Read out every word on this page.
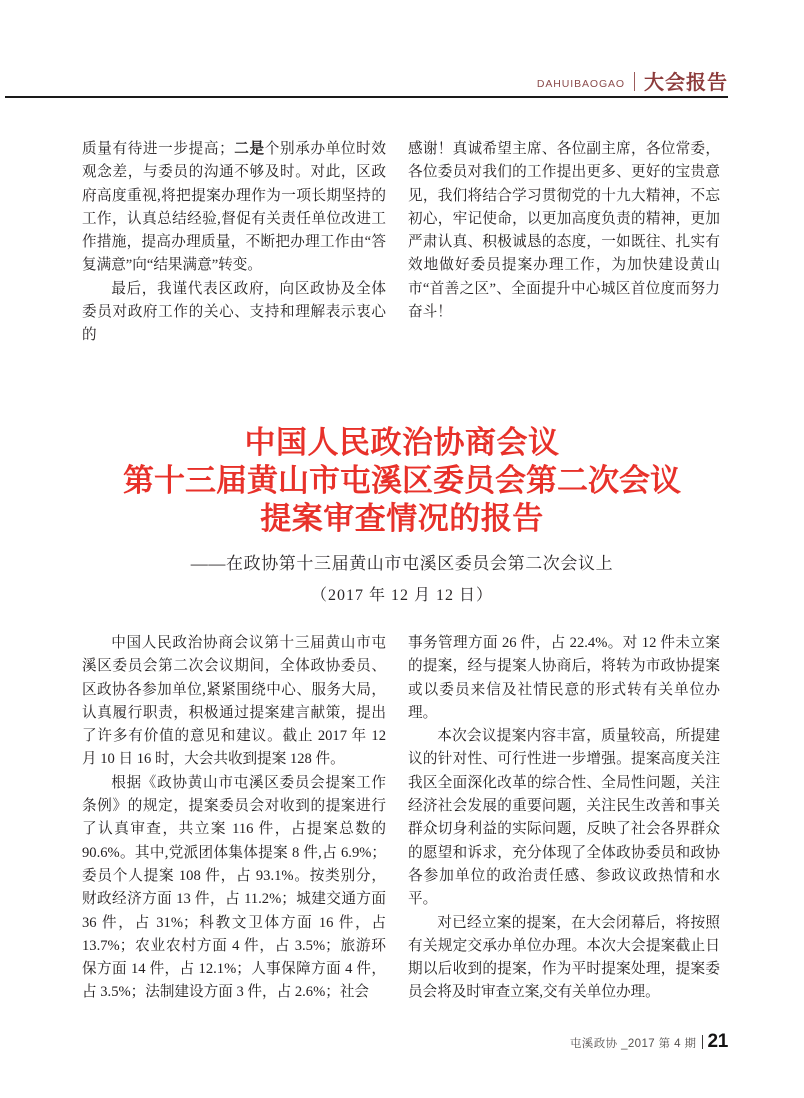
DAHUIBAOGAO 大会报告

质量有待进一步提高；二是个别承办单位时效观念差，与委员的沟通不够及时。对此，区政府高度重视,将把提案办理作为一项长期坚持的工作，认真总结经验,督促有关责任单位改进工作措施，提高办理质量，不断把办理工作由“答复满意”向“结果满意”转变。

最后，我谨代表区政府，向区政协及全体委员对政府工作的关心、支持和理解表示衷心的

感谢！真诚希望主席、各位副主席，各位常委，各位委员对我们的工作提出更多、更好的宝贵意见，我们将结合学习贯彻党的十九大精神，不忘初心，牢记使命，以更加高度负责的精神，更加严肃认真、积极诚恳的态度，一如既往、扎实有效地做好委员提案办理工作，为加快建设黄山市“首善之区”、全面提升中心城区首位度而努力奋斗！

中国人民政治协商会议
第十三届黄山市屯溪区委员会第二次会议
提案审查情况的报告
——在政协第十三届黄山市屯溪区委员会第二次会议上
（2017 年 12 月 12 日）

中国人民政治协商会议第十三届黄山市屯溪区委员会第二次会议期间，全体政协委员、区政协各参加单位,紧紧围绕中心、服务大局，认真履行职责，积极通过提案建言献策，提出了许多有价值的意见和建议。截止 2017 年 12 月 10 日 16 时，大会共收到提案 128 件。

根据《政协黄山市屯溪区委员会提案工作条例》的规定，提案委员会对收到的提案进行了认真审查，共立案 116 件，占提案总数的 90.6%。其中,党派团体集体提案 8 件,占 6.9%；委员个人提案 108 件，占 93.1%。按类别分，财政经济方面 13 件，占 11.2%；城建交通方面 36 件，占 31%；科教文卫体方面 16 件，占 13.7%；农业农村方面 4 件，占 3.5%；旅游环保方面 14 件，占 12.1%；人事保障方面 4 件，占 3.5%；法制建设方面 3 件，占 2.6%；社会

事务管理方面 26 件，占 22.4%。对 12 件未立案的提案，经与提案人协商后，将转为市政协提案或以委员来信及社情民意的形式转有关单位办理。

本次会议提案内容丰富，质量较高，所提建议的针对性、可行性进一步增强。提案高度关注我区全面深化改革的综合性、全局性问题，关注经济社会发展的重要问题，关注民生改善和事关群众切身利益的实际问题，反映了社会各界群众的愿望和诉求，充分体现了全体政协委员和政协各参加单位的政治责任感、参政议政热情和水平。

对已经立案的提案，在大会闭幕后，将按照有关规定交承办单位办理。本次大会提案截止日期以后收到的提案，作为平时提案处理，提案委员会将及时审查立案,交有关单位办理。

屯溪政协 _2017 第 4 期 21
